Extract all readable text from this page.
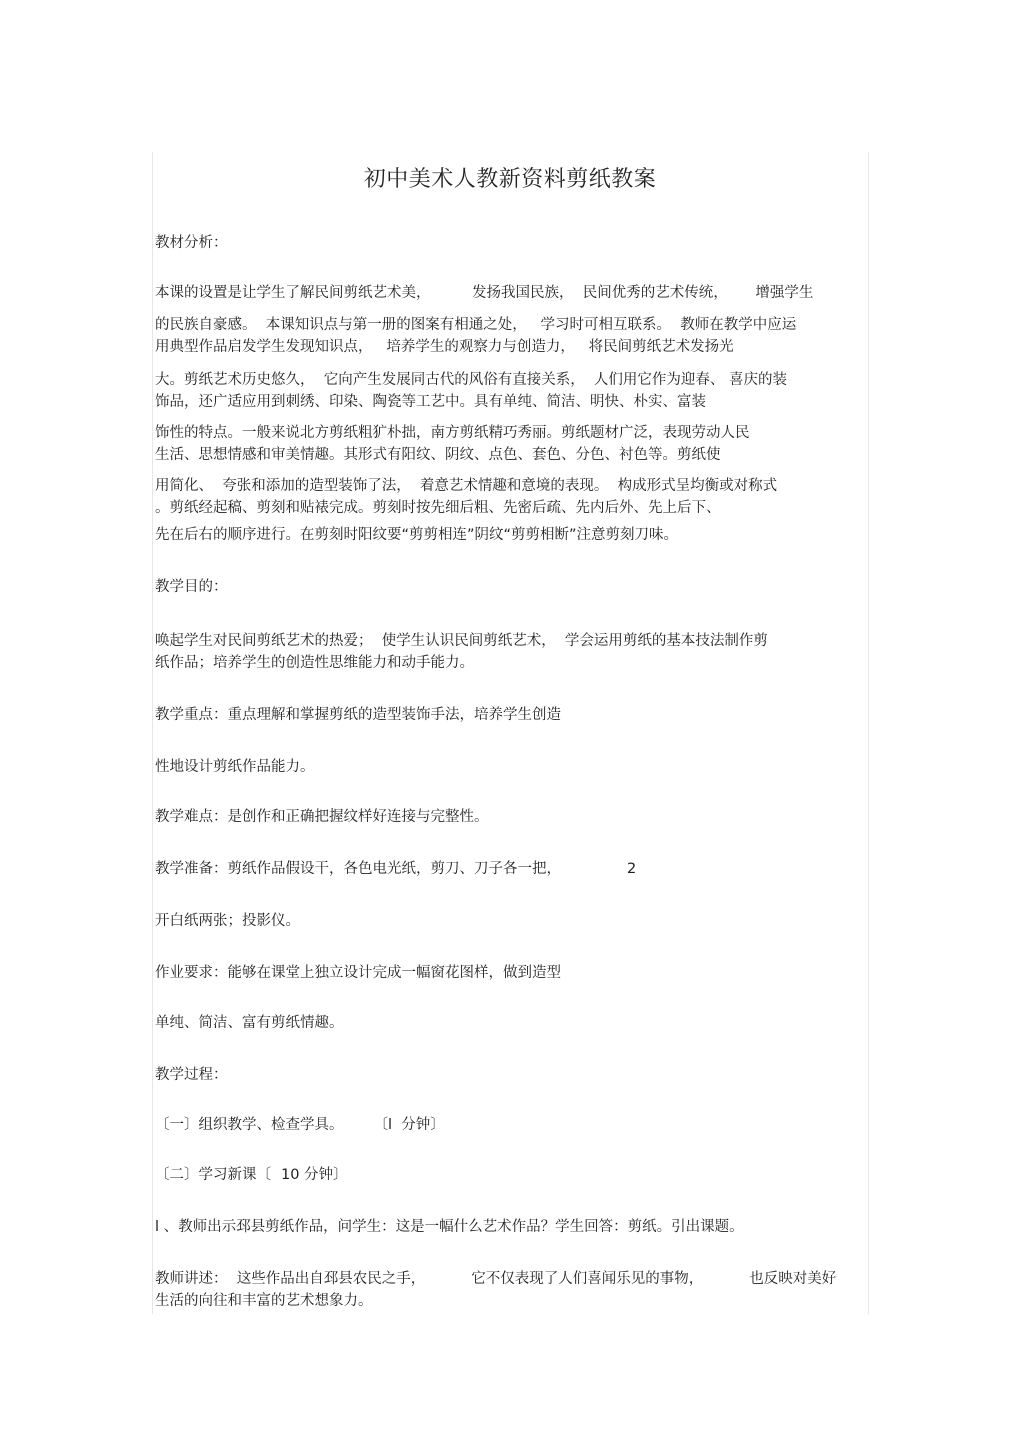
初中美术人教新资料剪纸教案

教材分析：

本课的设置是让学生了解民间剪纸艺术美，         发扬我国民族，  民间优秀的艺术传统，      增强学生

的民族自豪感。  本课知识点与第一册的图案有相通之处，   学习时可相互联系。  教师在教学中应运

用典型作品启发学生发现知识点，   培养学生的观察力与创造力，   将民间剪纸艺术发扬光

大。剪纸艺术历史悠久，  它向产生发展同古代的风俗有直接关系，  人们用它作为迎春、 喜庆的装

饰品，还广适应用到刺绣、印染、陶瓷等工艺中。具有单纯、简洁、明快、朴实、富装

饰性的特点。一般来说北方剪纸粗犷朴拙，南方剪纸精巧秀丽。剪纸题材广泛，表现劳动人民

生活、思想情感和审美情趣。其形式有阳纹、阴纹、点色、套色、分色、衬色等。剪纸使

用简化、  夸张和添加的造型装饰了法，  着意艺术情趣和意境的表现。  构成形式呈均衡或对称式

。剪纸经起稿、剪刻和贴裱完成。剪刻时按先细后粗、先密后疏、先内后外、先上后下、

先在后右的顺序进行。在剪刻时阳纹要“剪剪相连”阴纹“剪剪相断”注意剪刻刀味。

教学目的：

唤起学生对民间剪纸艺术的热爱；  使学生认识民间剪纸艺术，  学会运用剪纸的基本技法制作剪

纸作品；培养学生的创造性思维能力和动手能力。

教学重点：重点理解和掌握剪纸的造型装饰手法，培养学生创造

性地设计剪纸作品能力。

教学难点：是创作和正确把握纹样好连接与完整性。

教学准备：剪纸作品假设干，各色电光纸，剪刀、刀子各一把，	2

开白纸两张；投影仪。

作业要求：能够在课堂上独立设计完成一幅窗花图样，做到造型

单纯、简洁、富有剪纸情趣。

教学过程：

〔一〕组织教学、检查学具。 〔l  分钟〕

〔二〕学习新课〔 10 分钟〕

l 、教师出示邳县剪纸作品，问学生：这是一幅什么艺术作品？学生回答：剪纸。引出课题。

教师讲述：  这些作品出自邳县农民之手，	它不仅表现了人们喜闻乐见的事物，	也反映对美好

生活的向往和丰富的艺术想象力。
